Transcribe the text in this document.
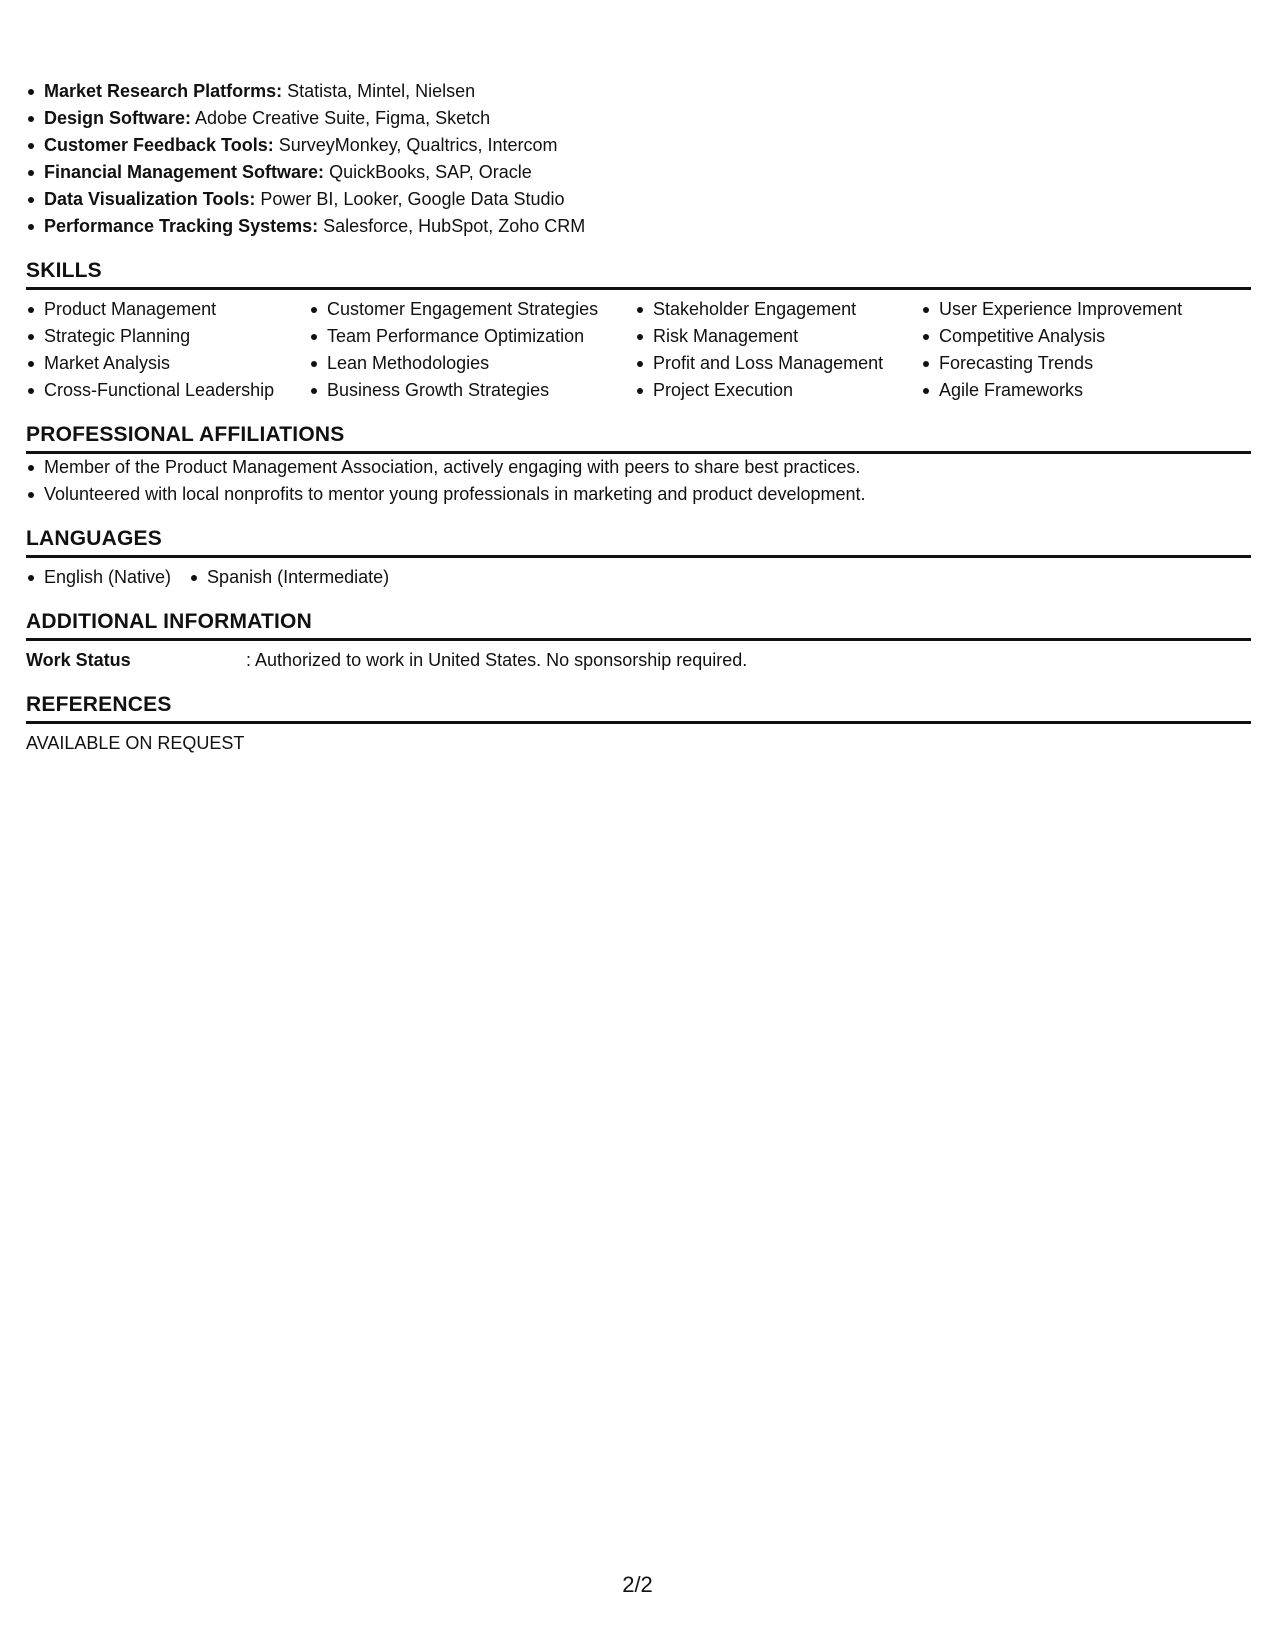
Market Research Platforms: Statista, Mintel, Nielsen
Design Software: Adobe Creative Suite, Figma, Sketch
Customer Feedback Tools: SurveyMonkey, Qualtrics, Intercom
Financial Management Software: QuickBooks, SAP, Oracle
Data Visualization Tools: Power BI, Looker, Google Data Studio
Performance Tracking Systems: Salesforce, HubSpot, Zoho CRM
SKILLS
Product Management
Strategic Planning
Market Analysis
Cross-Functional Leadership
Customer Engagement Strategies
Team Performance Optimization
Lean Methodologies
Business Growth Strategies
Stakeholder Engagement
Risk Management
Profit and Loss Management
Project Execution
User Experience Improvement
Competitive Analysis
Forecasting Trends
Agile Frameworks
PROFESSIONAL AFFILIATIONS
Member of the Product Management Association, actively engaging with peers to share best practices.
Volunteered with local nonprofits to mentor young professionals in marketing and product development.
LANGUAGES
English (Native)	Spanish (Intermediate)
ADDITIONAL INFORMATION
Work Status	: Authorized to work in United States. No sponsorship required.
REFERENCES
AVAILABLE ON REQUEST
2/2
